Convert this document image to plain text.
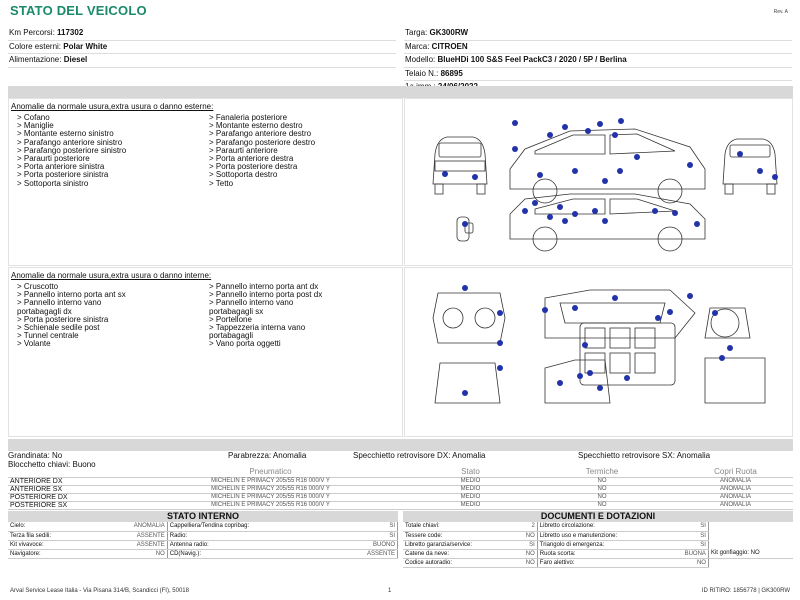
STATO DEL VEICOLO	Rev. A
Km Percorsi: 117302
Colore esterni: Polar White
Alimentazione: Diesel
Targa: GK300RW
Marca: CITROEN
Modello: BlueHDi 100 S&S Feel PackC3 / 2020 / 5P / Berlina
Telaio N.: 86895
Anomalie da normale usura,extra usura o danno esterne:
> Cofano
> Maniglie
> Montante esterno sinistro
> Parafango anteriore sinistro
> Parafango posteriore sinistro
> Paraurti posteriore
> Porta anteriore sinistra
> Porta posteriore sinistra
> Sottoporta sinistro
> Fanaleria posteriore
> Montante esterno destro
> Parafango anteriore destro
> Parafango posteriore destro
> Paraurti anteriore
> Porta anteriore destra
> Porta posteriore destra
> Sottoporta destro
> Tetto
Anomalie da normale usura,extra usura o danno interne:
> Cruscotto
> Pannello interno porta ant sx
> Pannello interno vano
portabagagli dx
> Porta posteriore sinistra
> Schienale sedile post
> Tunnel centrale
> Volante
> Pannello interno porta ant dx
> Pannello interno porta post dx
> Pannello interno vano
portabagagli sx
> Portellone
> Tappezzeria interna vano
portabagagli
> Vano porta oggetti
Grandinata: No	Parabrezza: Anomalia	Specchietto retrovisore DX: Anomalia	Specchietto retrovisore SX: Anomalia
Blocchetto chiavi: Buono
	Pneumatico	Stato	Termiche		Copri Ruota
ANTERIORE DX	MICHELIN E PRIMACY 205/55 R16 000/V Y	MEDIO	NO		ANOMALIA
ANTERIORE SX	MICHELIN E PRIMACY 205/55 R16 000/V Y	MEDIO	NO		ANOMALIA
POSTERIORE DX	MICHELIN E PRIMACY 205/55 R16 000/V Y	MEDIO	NO		ANOMALIA
POSTERIORE SX	MICHELIN E PRIMACY 205/55 R16 000/V Y	MEDIO	NO		ANOMALIA
STATO INTERNO
Cielo:	ANOMALIA	Cappelliera/Tendina copribag:	SI
Terza fila sedili:	ASSENTE	Radio:	SI
Kit vivavoce:	ASSENTE	Antenna radio:	BUONO
Navigatore:	NO	CD(Navig.):	ASSENTE
DOCUMENTI E DOTAZIONI
Totale chiavi:	2	Libretto circolazione:	SI	
Tessere code:	NO	Libretto uso e manutenzione:	SI	
Libretto garanzia/service:	SI	Triangolo di emergenza:	SI	
Catene da neve:	NO	Ruota scorta:	BUONA	Kit gonfiaggio: NO
Codice autoradio:	NO	Faro alettivo:	NO	
Arval Service Lease Italia - Via Pisana 314/B, Scandicci (FI), 50018	1	ID RITIRO: 1856778 | GK300RW
